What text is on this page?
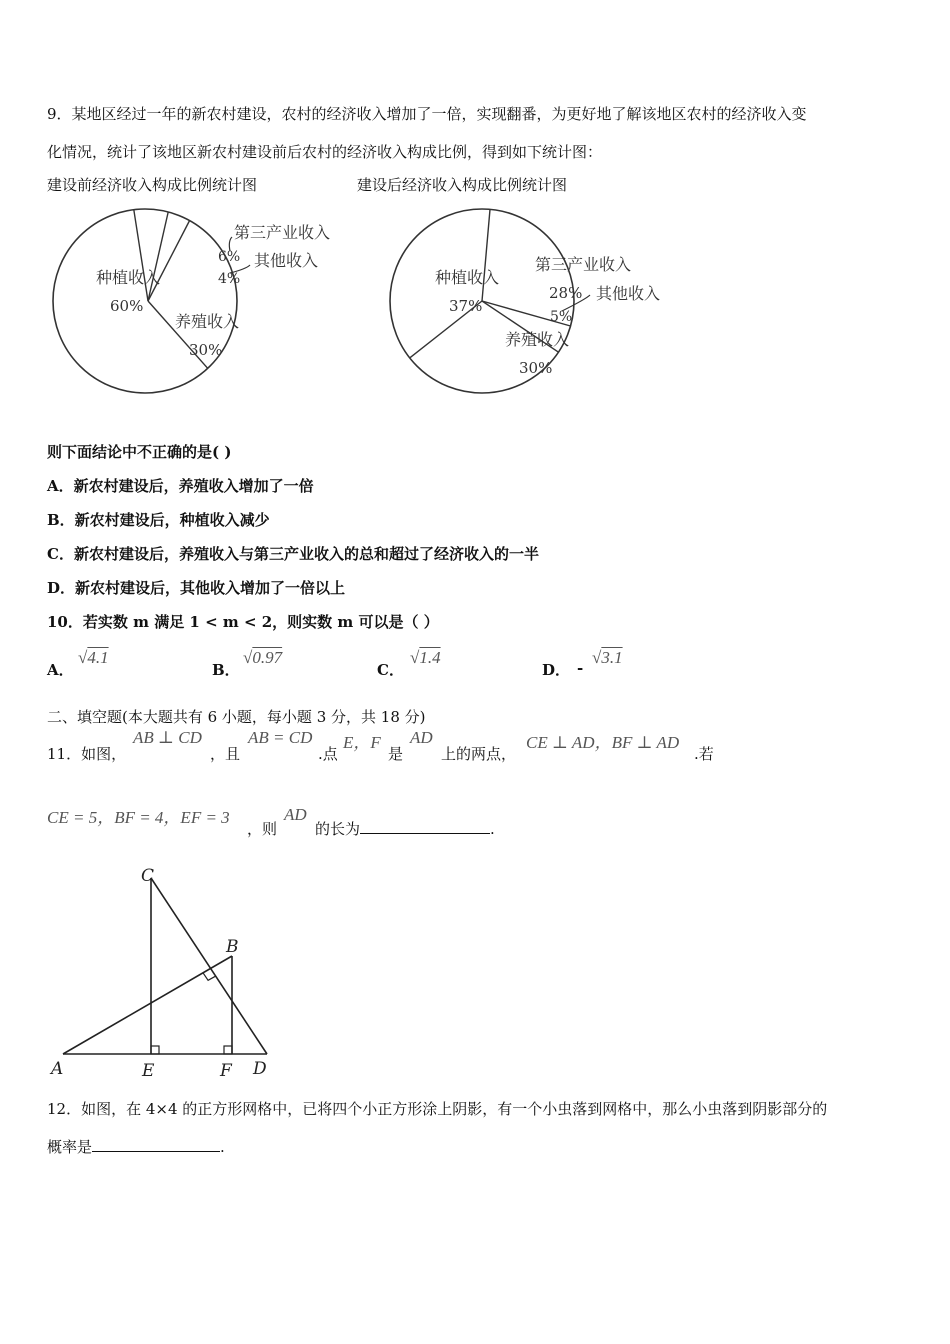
9．某地区经过一年的新农村建设，农村的经济收入增加了一倍，实现翻番，为更好地了解该地区农村的经济收入变
化情况，统计了该地区新农村建设前后农村的经济收入构成比例，得到如下统计图：
建设前经济收入构成比例统计图	建设后经济收入构成比例统计图
种植收入
60%
养殖收入
30%
6%
第三产业收入
4%
其他收入
种植收入
37%
养殖收入
30%
第三产业收入
28%
5%
其他收入
则下面结论中不正确的是( )
A．新农村建设后，养殖收入增加了一倍
B．新农村建设后，种植收入减少
C．新农村建设后，养殖收入与第三产业收入的总和超过了经济收入的一半
D．新农村建设后，其他收入增加了一倍以上
10．若实数 m 满足 1 < m < 2，则实数 m 可以是（ ）
A．
√4.1
B．
√0.97
C．
√1.4
D． -
√3.1
二、填空题(本大题共有 6 小题，每小题 3 分，共 18 分)
11．如图，
AB ⊥ CD
，且
AB = CD
.点
E，F
是
AD
上的两点，
CE ⊥ AD，BF ⊥ AD
.若
CE = 5，BF = 4，EF = 3
，则
AD
的长为	.
C
B
A	E	F D
12．如图，在 4×4 的正方形网格中，已将四个小正方形涂上阴影，有一个小虫落到网格中，那么小虫落到阴影部分的
概率是	.
